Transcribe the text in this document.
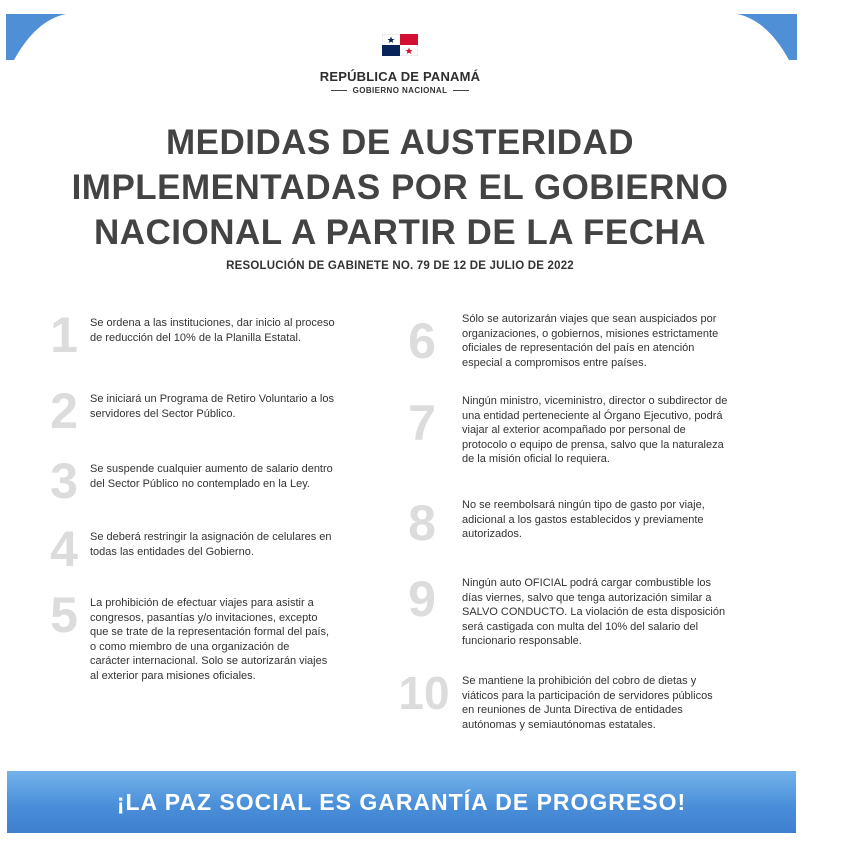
REPÚBLICA DE PANAMÁ
GOBIERNO NACIONAL
MEDIDAS DE AUSTERIDAD
IMPLEMENTADAS POR EL GOBIERNO
NACIONAL A PARTIR DE LA FECHA
RESOLUCIÓN DE GABINETE NO. 79 DE 12 DE JULIO DE 2022
1	Se ordena a las instituciones, dar inicio al proceso
de reducción del 10% de la Planilla Estatal.
2	Se iniciará un Programa de Retiro Voluntario a los
servidores del Sector Público.
3	Se suspende cualquier aumento de salario dentro
del Sector Público no contemplado en la Ley.
4	Se deberá restringir la asignación de celulares en
todas las entidades del Gobierno.
5	La prohibición de efectuar viajes para asistir a
congresos, pasantías y/o invitaciones, excepto
que se trate de la representación formal del país,
o como miembro de una organización de
carácter internacional. Solo se autorizarán viajes
al exterior para misiones oficiales.
6	Sólo se autorizarán viajes que sean auspiciados por
organizaciones, o gobiernos, misiones estrictamente
oficiales de representación del país en atención
especial a compromisos entre países.
7	Ningún ministro, viceministro, director o subdirector de
una entidad perteneciente al Órgano Ejecutivo, podrá
viajar al exterior acompañado por personal de
protocolo o equipo de prensa, salvo que la naturaleza
de la misión oficial lo requiera.
8	No se reembolsará ningún tipo de gasto por viaje,
adicional a los gastos establecidos y previamente
autorizados.
9	Ningún auto OFICIAL podrá cargar combustible los
días viernes, salvo que tenga autorización similar a
SALVO CONDUCTO. La violación de esta disposición
será castigada con multa del 10% del salario del
funcionario responsable.
10 Se mantiene la prohibición del cobro de dietas y
viáticos para la participación de servidores públicos
en reuniones de Junta Directiva de entidades
autónomas y semiautónomas estatales.
¡LA PAZ SOCIAL ES GARANTÍA DE PROGRESO!
